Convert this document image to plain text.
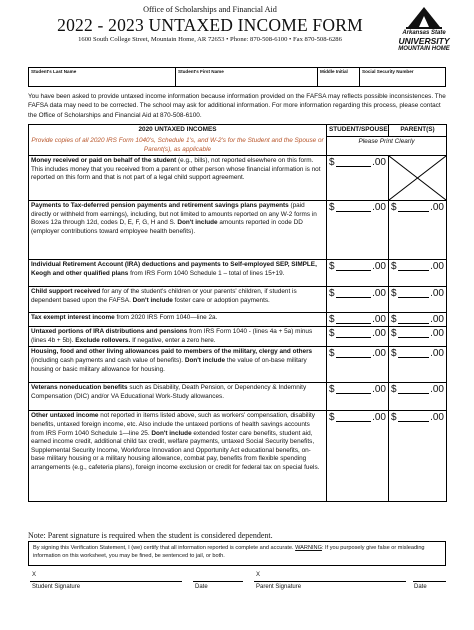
Office of Scholarships and Financial Aid
2022 - 2023 UNTAXED INCOME FORM
1600 South College Street, Mountain Home, AR 72653 • Phone: 870-508-6100 • Fax 870-508-6286
Arkansas State
UNIVERSITY
MOUNTAIN HOME
Student's Last Name	Student's First Name	Middle Initial	Social Security Number
You have been asked to provide untaxed income information because information provided on the FAFSA may reflects possible inconsistences. The FAFSA data may need to be corrected. The school may ask for additional information. For more information regarding this process, please contact the Office of Scholarships and Financial Aid at 870-508-6100.
2020 UNTAXED INCOMES	STUDENT/SPOUSE	PARENT(S)
Provide copies of all 2020 IRS Form 1040's, Schedule 1's, and W-2's for the Student and the Spouse or Parent(s), as applicable	Please Print Clearly	
Money received or paid on behalf of the student (e.g., bills), not reported elsewhere on this form. This includes money that you received from a parent or other person whose financial information is not reported on this form and that is not part of a legal child support agreement.	$ .00

Payments to Tax-deferred pension payments and retirement savings plans payments (paid directly or withheld from earnings), including, but not limited to amounts reported on any W-2 forms in Boxes 12a through 12d, codes D, E, F, G, H and S. Don't include amounts reported in code DD (employer contributions toward employee health benefits).	$ .00	$ .00

Individual Retirement Account (IRA) deductions and payments to Self-employed SEP, SIMPLE, Keogh and other qualified plans from IRS Form 1040 Schedule 1 – total of lines 15+19.	$ .00	$ .00

Child support received for any of the student's children or your parents' children, if student is dependent based upon the FAFSA. Don't include foster care or adoption payments.	$ .00	$ .00

Tax exempt interest income from 2020 IRS Form 1040—line 2a.	$ .00	$ .00

Untaxed portions of IRA distributions and pensions from IRS Form 1040 - (lines 4a + 5a) minus (lines 4b + 5b). Exclude rollovers. If negative, enter a zero here.	$ .00	$ .00

Housing, food and other living allowances paid to members of the military, clergy and others (including cash payments and cash value of benefits). Don't include the value of on-base military housing or basic military allowance for housing.	$ .00	$ .00

Veterans noneducation benefits such as Disability, Death Pension, or Dependency & Indemnity Compensation (DIC) and/or VA Educational Work-Study allowances.	$ .00	$ .00

Other untaxed income not reported in items listed above, such as workers' compensation, disability benefits, untaxed foreign income, etc. Also include the untaxed portions of health savings accounts from IRS Form 1040 Schedule 1—line 25. Don't include extended foster care benefits, student aid, earned income credit, additional child tax credit, welfare payments, untaxed Social Security benefits, Supplemental Security Income, Workforce Innovation and Opportunity Act educational benefits, on-base military housing or a military housing allowance, combat pay, benefits from flexible spending arrangements (e.g., cafeteria plans), foreign income exclusion or credit for federal tax on special fuels.	$ .00	$ .00
Note: Parent signature is required when the student is considered dependent.
By signing this Verification Statement, I (we) certify that all information reported is complete and accurate. WARNING: If you purposely give false or misleading information on this worksheet, you may be fined, be sentenced to jail, or both.
X	X
Student Signature	Date	Parent Signature	Date
